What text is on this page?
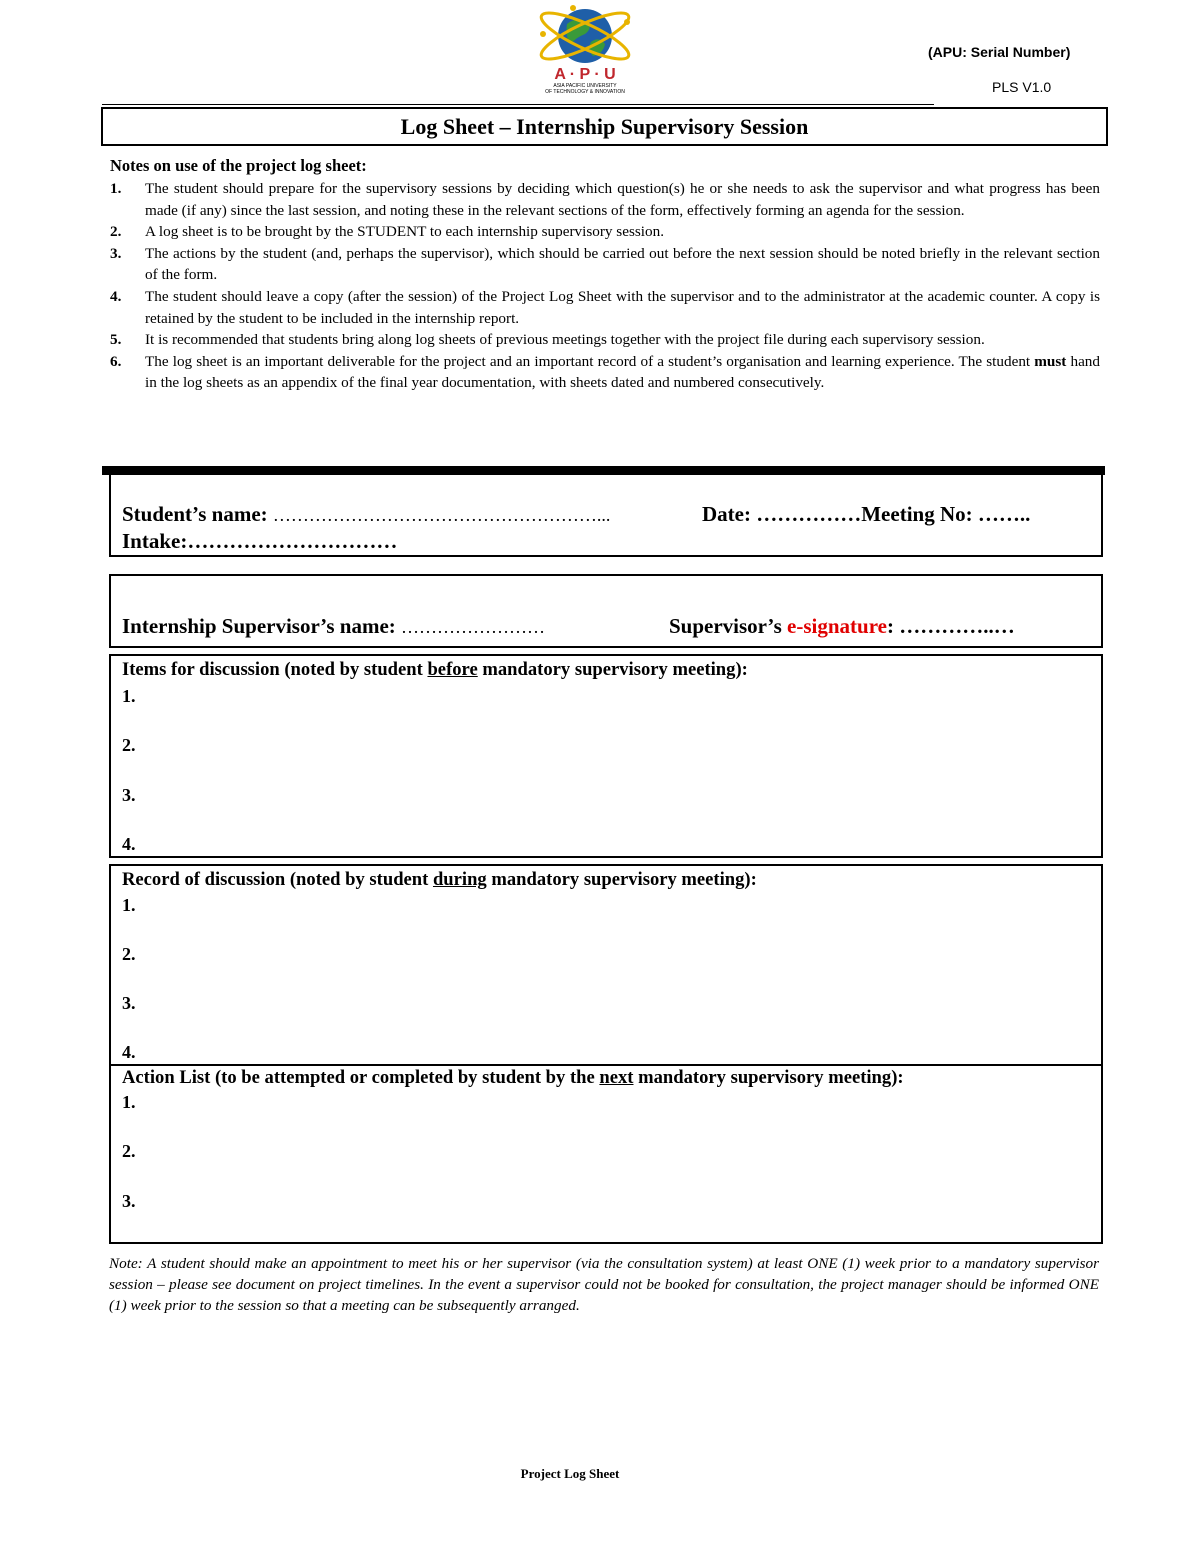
A · P · U
ASIA PACIFIC UNIVERSITY
OF TECHNOLOGY & INNOVATION
(APU: Serial Number)
PLS V1.0
Log Sheet – Internship Supervisory Session
Notes on use of the project log sheet:
1. The student should prepare for the supervisory sessions by deciding which question(s) he or she needs to ask the supervisor and what progress has been made (if any) since the last session, and noting these in the relevant sections of the form, effectively forming an agenda for the session.
2. A log sheet is to be brought by the STUDENT to each internship supervisory session.
3. The actions by the student (and, perhaps the supervisor), which should be carried out before the next session should be noted briefly in the relevant section of the form.
4. The student should leave a copy (after the session) of the Project Log Sheet with the supervisor and to the administrator at the academic counter. A copy is retained by the student to be included in the internship report.
5. It is recommended that students bring along log sheets of previous meetings together with the project file during each supervisory session.
6. The log sheet is an important deliverable for the project and an important record of a student’s organisation and learning experience. The student must hand in the log sheets as an appendix of the final year documentation, with sheets dated and numbered consecutively.
Student’s name: ………………………………………………...	Date: ……………Meeting No: ……..
Intake:…………………………
Internship Supervisor’s name: ……………………	Supervisor’s e-signature: …………..…
Items for discussion (noted by student before mandatory supervisory meeting):
1.
2.
3.
4.
Record of discussion (noted by student during mandatory supervisory meeting):
1.
2.
3.
4.
Action List (to be attempted or completed by student by the next mandatory supervisory meeting):
1.
2.
3.
Note: A student should make an appointment to meet his or her supervisor (via the consultation system) at least ONE (1) week prior to a mandatory supervisor session – please see document on project timelines. In the event a supervisor could not be booked for consultation, the project manager should be informed ONE (1) week prior to the session so that a meeting can be subsequently arranged.
Project Log Sheet
